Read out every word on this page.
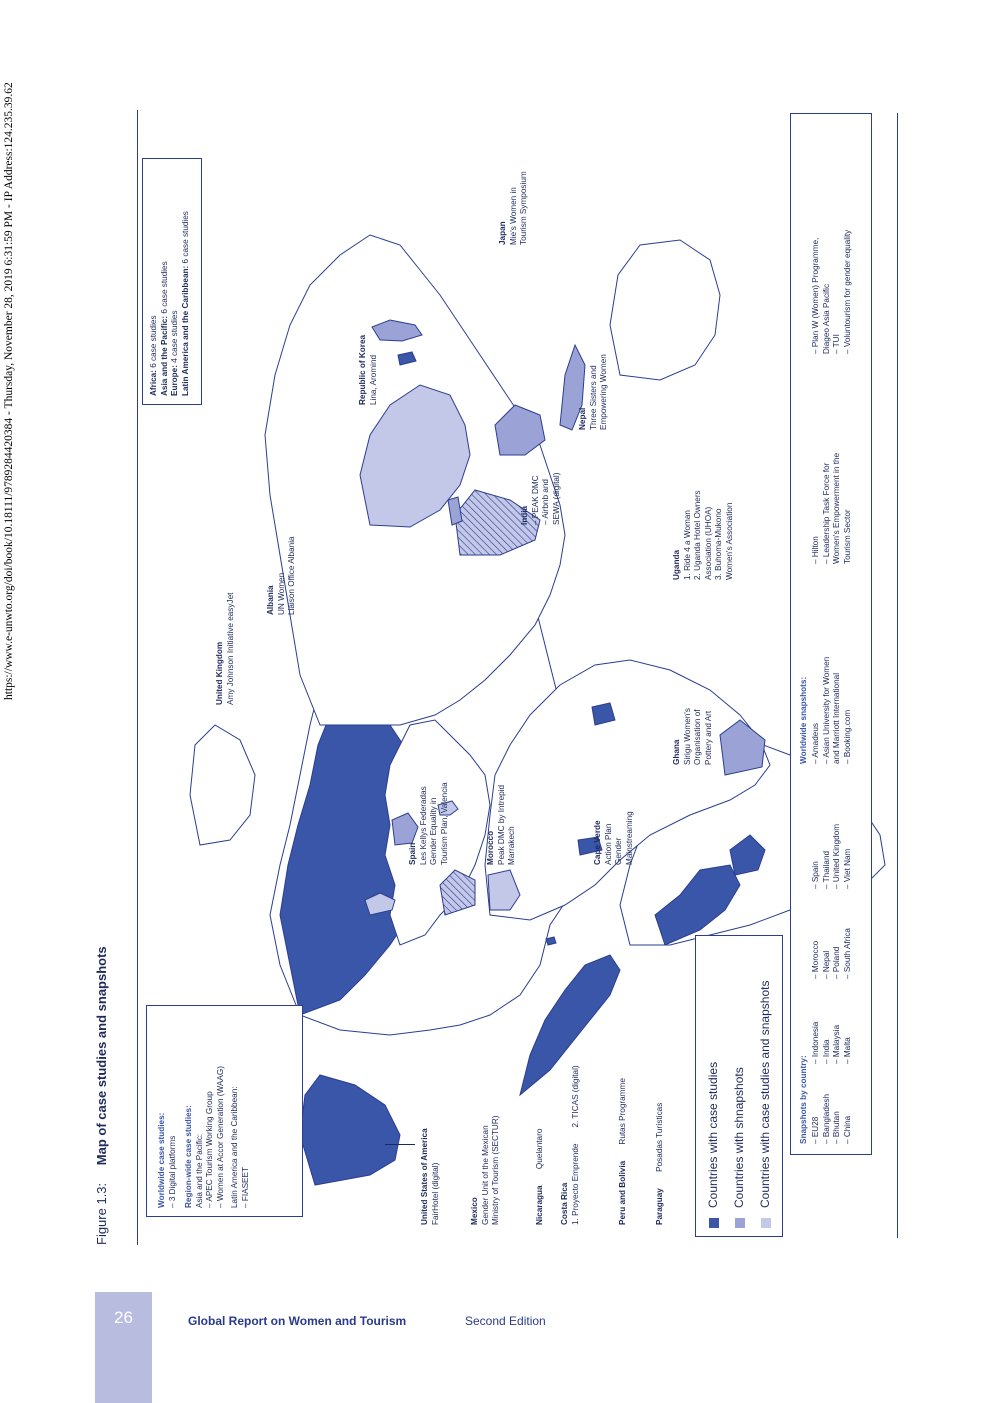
https://www.e-unwto.org/doi/book/10.18111/9789284420384 - Thursday, November 28, 2019 6:31:59 PM - IP Address:124.235.39.62
Figure 1.3: Map of case studies and snapshots	Worldwide case studies: – 3 Digital platforms Region-wide case studies: Asia and the Pacific: – APEC Tourism Working Group – Women at Accor Generation (WAAG) Latin America and the Caribbean: – FIASEET
Africa: 6 case studies Asia and the Pacific: 6 case studies
Europe: 4 case studies Latin America and the Caribbean: 6 case studies
United States of America
FairHotel (digital)	Mexico Gender Unit of the Mexican Ministry of Tourism (SECTUR)	Nicaragua Quelantaro
Costa Rica 1. Proyecto Emprende2. TICAS (digital)
Peru and Bolivia Rutas Programme
Paraguay Posadas Turísticas	Countries with case studies	Countries with shnapshots	Countries with case studies and snapshots	Snapshots by country: – EU28 – Bangladesh – Bhutan – China
– Indonesia – India – Malaysia – Malta
– Morocco – Nepal – Poland – South Africa
– Spain – Thailand – United Kingdom – Viet Nam
Worldwide snapshots: – Amadeus – Asian University for Women and Marriott International – Booking.com
– Hilton – Leadership Task Force for Women's Empowerment in the Tourism Sector
– Plan W (Women) Programme, Diageo Asia Pacific – TUI – Voluntourism for gender equality
Spain Les Kellys Federadas Gender Equality in Tourism Plan, Valencia	Morocco Peak DMC by Intrepid Marrakech	Cape Verde Action Plan Gender Mainstreaming
Ghana Sirigu Women's Organisation of Pottery and Art
United Kingdom Amy Johnson Initiative easyJet	Albania UN Women Liaison Office Albania	Uganda 1. Ride 4 a Woman 2. Uganda Hotel Owners Association (UHOA) 3. Buhoma-Mukono Women's Association
India – PEAK DMC – Airbnb and SEWA (digital)
Republic of Korea Lina, Aromind
Nepal Three Sisters and Empowering Women
Japan Mie's Women in Tourism Symposium
26	Global Report on Women and Tourism	Second Edition
